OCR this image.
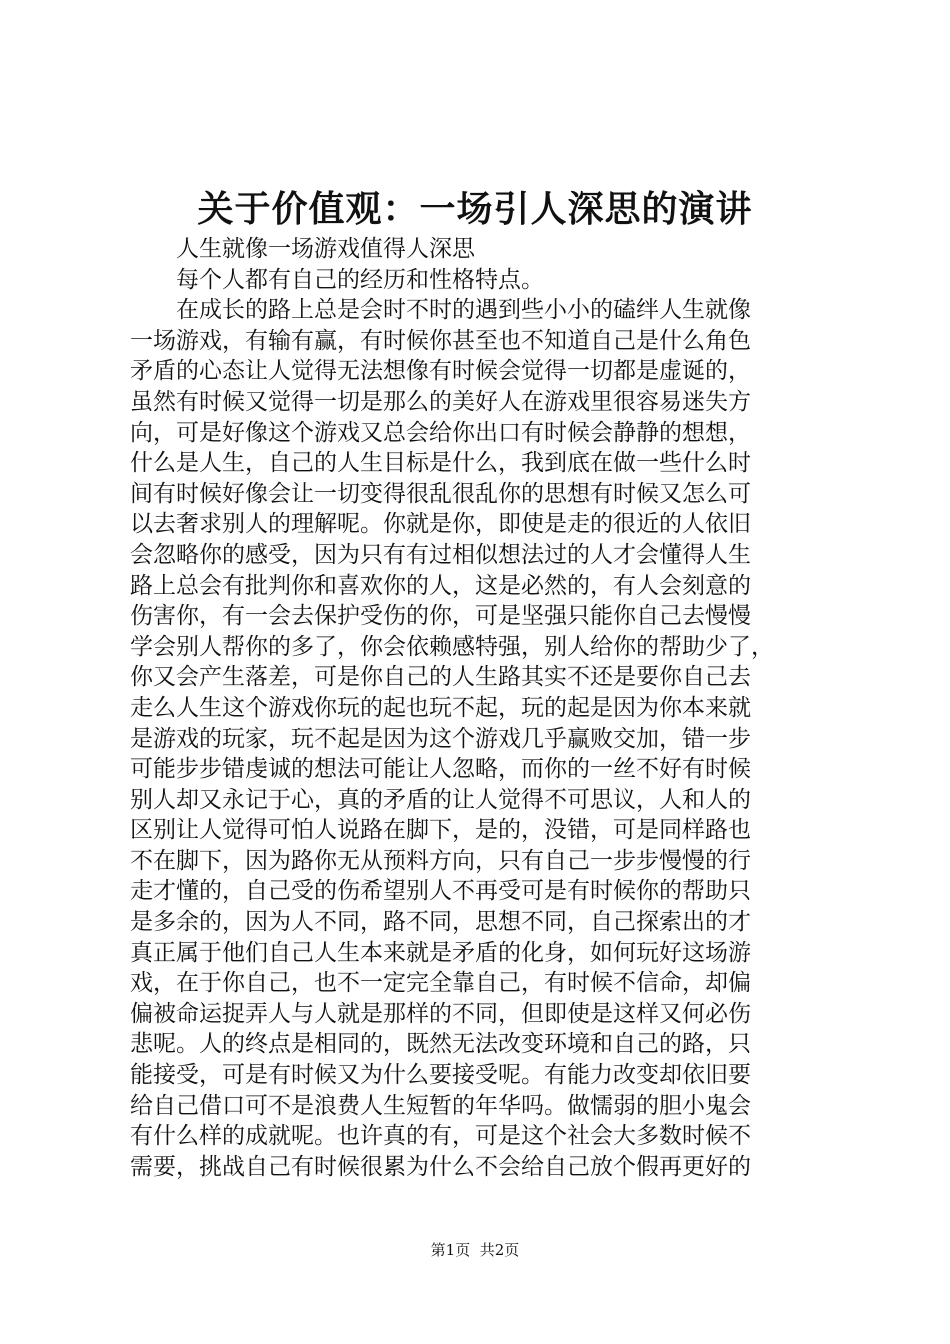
关于价值观：一场引人深思的演讲
人生就像一场游戏值得人深思
每个人都有自己的经历和性格特点。
在成长的路上总是会时不时的遇到些小小的磕绊人生就像
一场游戏，有输有赢，有时候你甚至也不知道自己是什么角色
矛盾的心态让人觉得无法想像有时候会觉得一切都是虚诞的，
虽然有时候又觉得一切是那么的美好人在游戏里很容易迷失方
向，可是好像这个游戏又总会给你出口有时候会静静的想想，
什么是人生，自己的人生目标是什么，我到底在做一些什么时
间有时候好像会让一切变得很乱很乱你的思想有时候又怎么可
以去奢求别人的理解呢。你就是你，即使是走的很近的人依旧
会忽略你的感受，因为只有有过相似想法过的人才会懂得人生
路上总会有批判你和喜欢你的人，这是必然的，有人会刻意的
伤害你，有一会去保护受伤的你，可是坚强只能你自己去慢慢
学会别人帮你的多了，你会依赖感特强，别人给你的帮助少了，
你又会产生落差，可是你自己的人生路其实不还是要你自己去
走么人生这个游戏你玩的起也玩不起，玩的起是因为你本来就
是游戏的玩家，玩不起是因为这个游戏几乎赢败交加，错一步
可能步步错虔诚的想法可能让人忽略，而你的一丝不好有时候
别人却又永记于心，真的矛盾的让人觉得不可思议，人和人的
区别让人觉得可怕人说路在脚下，是的，没错，可是同样路也
不在脚下，因为路你无从预料方向，只有自己一步步慢慢的行
走才懂的，自己受的伤希望别人不再受可是有时候你的帮助只
是多余的，因为人不同，路不同，思想不同，自己探索出的才
真正属于他们自己人生本来就是矛盾的化身，如何玩好这场游
戏，在于你自己，也不一定完全靠自己，有时候不信命，却偏
偏被命运捉弄人与人就是那样的不同，但即使是这样又何必伤
悲呢。人的终点是相同的，既然无法改变环境和自己的路，只
能接受，可是有时候又为什么要接受呢。有能力改变却依旧要
给自己借口可不是浪费人生短暂的年华吗。做懦弱的胆小鬼会
有什么样的成就呢。也许真的有，可是这个社会大多数时候不
需要，挑战自己有时候很累为什么不会给自己放个假再更好的
第1页 共2页
